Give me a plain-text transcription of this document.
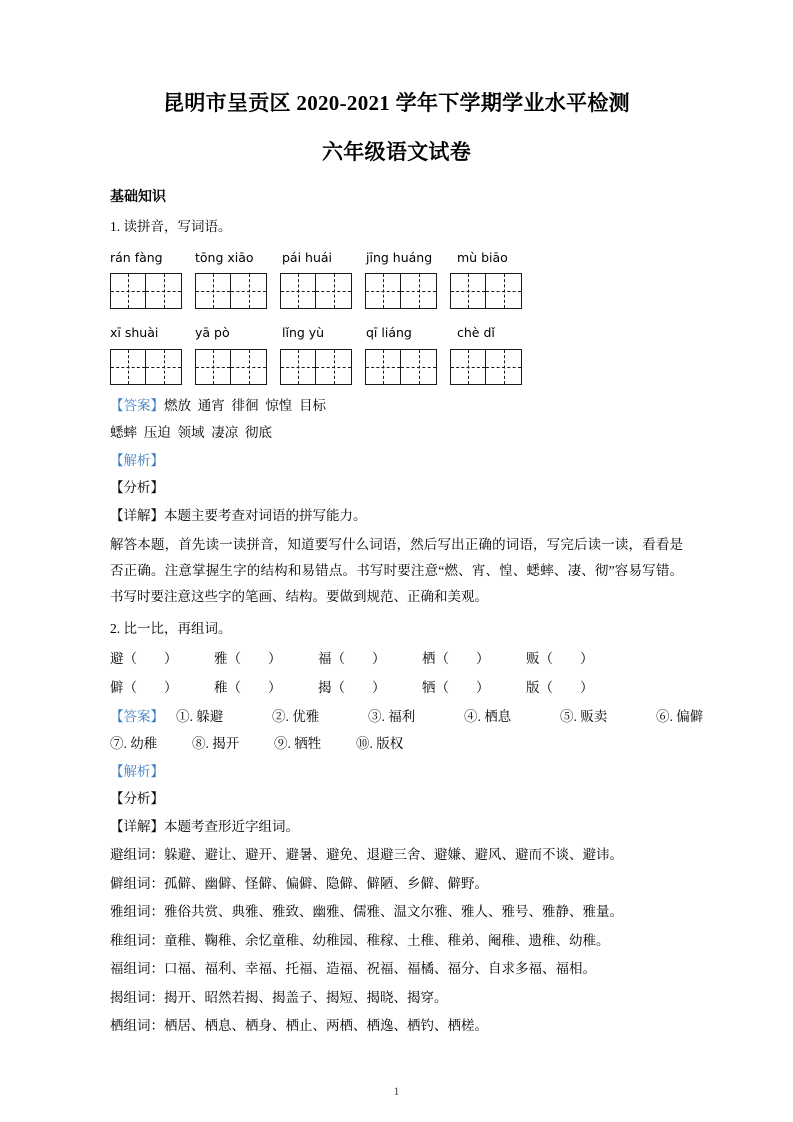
昆明市呈贡区 2020-2021 学年下学期学业水平检测
六年级语文试卷
基础知识
1. 读拼音，写词语。
rán fàng	tōng xiāo	pái huái	jīng huáng	mù biāo
xī shuài	yā pò	lǐng yù	qī liáng	chè dǐ
【答案】燃放  通宵  徘徊  惊惶  目标
蟋蟀  压迫  领域  凄凉  彻底
【解析】
【分析】
【详解】本题主要考查对词语的拼写能力。

解答本题，首先读一读拼音，知道要写什么词语，然后写出正确的词语，写完后读一读，看看是否正确。注意掌握生字的结构和易错点。书写时要注意“燃、宵、惶、蟋蟀、凄、彻”容易写错。书写时要注意这些字的笔画、结构。要做到规范、正确和美观。

2. 比一比，再组词。
避（        ）	雅（        ）	福（        ）	栖（        ）	贩（        ）
僻（        ）	稚（        ）	揭（        ）	牺（        ）	版（        ）
【答案】 ①. 躲避	②. 优雅	③. 福利	④. 栖息	⑤. 贩卖	⑥. 偏僻
⑦. 幼稚	⑧. 揭开	⑨. 牺牲	⑩. 版权
【解析】
【分析】
【详解】本题考查形近字组词。
避组词：躲避、避让、避开、避暑、避免、退避三舍、避嫌、避风、避而不谈、避讳。
僻组词：孤僻、幽僻、怪僻、偏僻、隐僻、僻陋、乡僻、僻野。
雅组词：雅俗共赏、典雅、雅致、幽雅、儒雅、温文尔雅、雅人、雅号、雅静、雅量。
稚组词：童稚、鞠稚、余忆童稚、幼稚园、稚稼、土稚、稚弟、阉稚、遗稚、幼稚。
福组词：口福、福利、幸福、托福、造福、祝福、福橘、福分、自求多福、福相。
揭组词：揭开、昭然若揭、揭盖子、揭短、揭晓、揭穿。
栖组词：栖居、栖息、栖身、栖止、两栖、栖逸、栖钓、栖槎。
1
